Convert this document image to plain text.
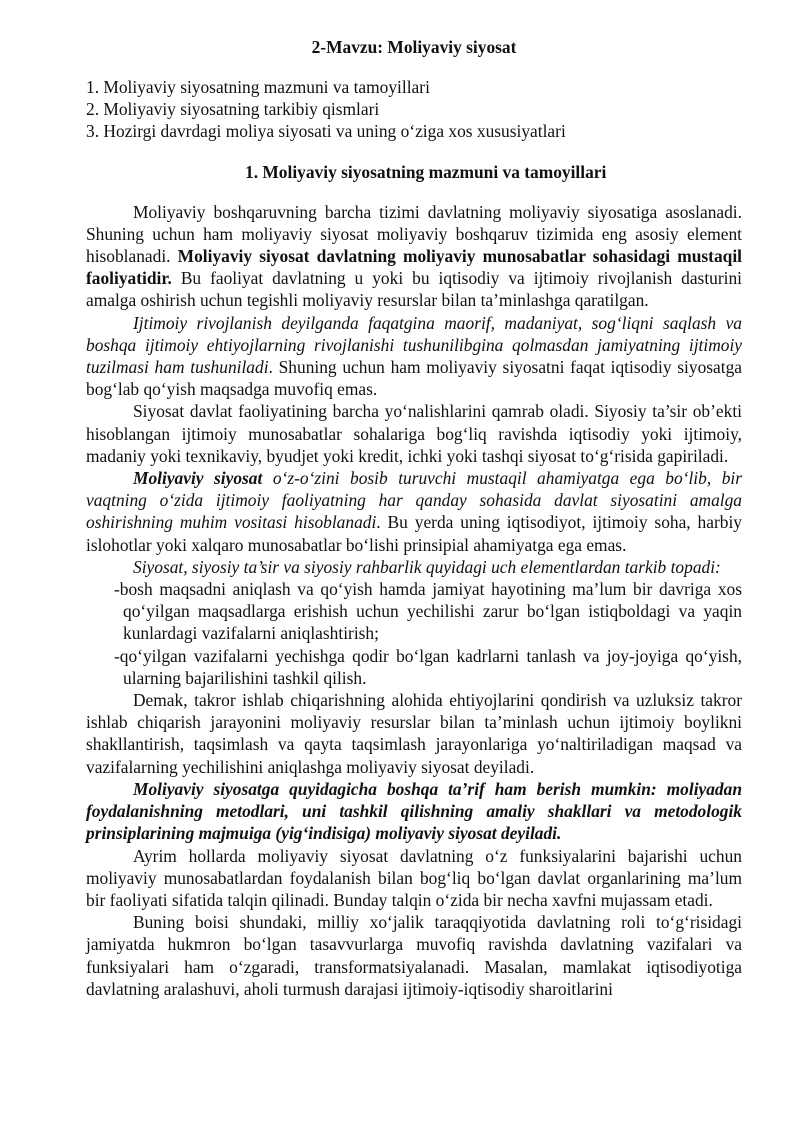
2-Mavzu: Moliyaviy siyosat
1. Moliyaviy siyosatning mazmuni va tamoyillari
2. Moliyaviy siyosatning tarkibiy qismlari
3. Hozirgi davrdagi moliya siyosati va uning o‘ziga xos xususiyatlari
1. Moliyaviy siyosatning mazmuni va tamoyillari

Moliyaviy boshqaruvning barcha tizimi davlatning moliyaviy siyosatiga asoslanadi. Shuning uchun ham moliyaviy siyosat moliyaviy boshqaruv tizimida eng asosiy element hisoblanadi. Moliyaviy siyosat davlatning moliyaviy munosabatlar sohasidagi mustaqil faoliyatidir. Bu faoliyat davlatning u yoki bu iqtisodiy va ijtimoiy rivojlanish dasturini amalga oshirish uchun tegishli moliyaviy resurslar bilan ta’minlashga qaratilgan.

Ijtimoiy rivojlanish deyilganda faqatgina maorif, madaniyat, sog‘liqni saqlash va boshqa ijtimoiy ehtiyojlarning rivojlanishi tushunilibgina qolmasdan jamiyatning ijtimoiy tuzilmasi ham tushuniladi. Shuning uchun ham moliyaviy siyosatni faqat iqtisodiy siyosatga bog‘lab qo‘yish maqsadga muvofiq emas.

Siyosat davlat faoliyatining barcha yo‘nalishlarini qamrab oladi. Siyosiy ta’sir ob’ekti hisoblangan ijtimoiy munosabatlar sohalariga bog‘liq ravishda iqtisodiy yoki ijtimoiy, madaniy yoki texnikaviy, byudjet yoki kredit, ichki yoki tashqi siyosat to‘g‘risida gapiriladi.

Moliyaviy siyosat o‘z-o‘zini bosib turuvchi mustaqil ahamiyatga ega bo‘lib, bir vaqtning o‘zida ijtimoiy faoliyatning har qanday sohasida davlat siyosatini amalga oshirishning muhim vositasi hisoblanadi. Bu yerda uning iqtisodiyot, ijtimoiy soha, harbiy islohotlar yoki xalqaro munosabatlar bo‘lishi prinsipial ahamiyatga ega emas.

Siyosat, siyosiy ta’sir va siyosiy rahbarlik quyidagi uch elementlardan tarkib topadi:

-bosh maqsadni aniqlash va qo‘yish hamda jamiyat hayotining ma’lum bir davriga xos qo‘yilgan maqsadlarga erishish uchun yechilishi zarur bo‘lgan istiqboldagi va yaqin kunlardagi vazifalarni aniqlashtirish;

-qo‘yilgan vazifalarni yechishga qodir bo‘lgan kadrlarni tanlash va joy-joyiga qo‘yish, ularning bajarilishini tashkil qilish.

Demak, takror ishlab chiqarishning alohida ehtiyojlarini qondirish va uzluksiz takror ishlab chiqarish jarayonini moliyaviy resurslar bilan ta’minlash uchun ijtimoiy boylikni shakllantirish, taqsimlash va qayta taqsimlash jarayonlariga yo‘naltiriladigan maqsad va vazifalarning yechilishini aniqlashga moliyaviy siyosat deyiladi.

Moliyaviy siyosatga quyidagicha boshqa ta’rif ham berish mumkin: moliyadan foydalanishning metodlari, uni tashkil qilishning amaliy shakllari va metodologik prinsiplarining majmuiga (yig‘indisiga) moliyaviy siyosat deyiladi.

Ayrim hollarda moliyaviy siyosat davlatning o‘z funksiyalarini bajarishi uchun moliyaviy munosabatlardan foydalanish bilan bog‘liq bo‘lgan davlat organlarining ma’lum bir faoliyati sifatida talqin qilinadi. Bunday talqin o‘zida bir necha xavfni mujassam etadi.

Buning boisi shundaki, milliy xo‘jalik taraqqiyotida davlatning roli to‘g‘risidagi jamiyatda hukmron bo‘lgan tasavvurlarga muvofiq ravishda davlatning vazifalari va funksiyalari ham o‘zgaradi, transformatsiyalanadi. Masalan, mamlakat iqtisodiyotiga davlatning aralashuvi, aholi turmush darajasi ijtimoiy-iqtisodiy sharoitlarini
